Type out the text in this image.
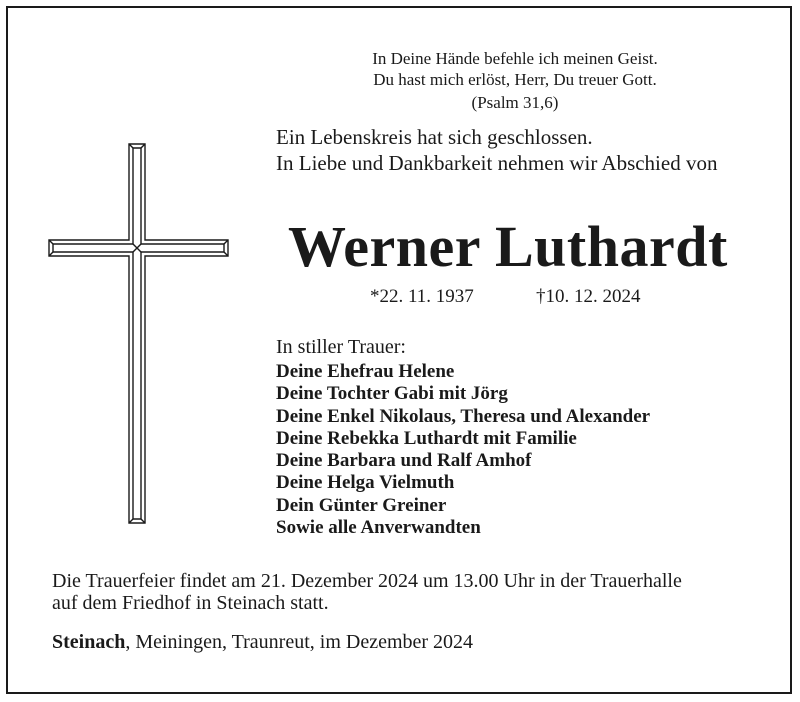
In Deine Hände befehle ich meinen Geist.
Du hast mich erlöst, Herr, Du treuer Gott.
(Psalm 31,6)
Ein Lebenskreis hat sich geschlossen.
In Liebe und Dankbarkeit nehmen wir Abschied von
Werner Luthardt
*22. 11. 1937	†10. 12. 2024
In stiller Trauer:
Deine Ehefrau Helene
Deine Tochter Gabi mit Jörg
Deine Enkel Nikolaus, Theresa und Alexander
Deine Rebekka Luthardt mit Familie
Deine Barbara und Ralf Amhof
Deine Helga Vielmuth
Dein Günter Greiner
Sowie alle Anverwandten
Die Trauerfeier findet am 21. Dezember 2024 um 13.00 Uhr in der Trauerhalle
auf dem Friedhof in Steinach statt.
Steinach, Meiningen, Traunreut, im Dezember 2024
